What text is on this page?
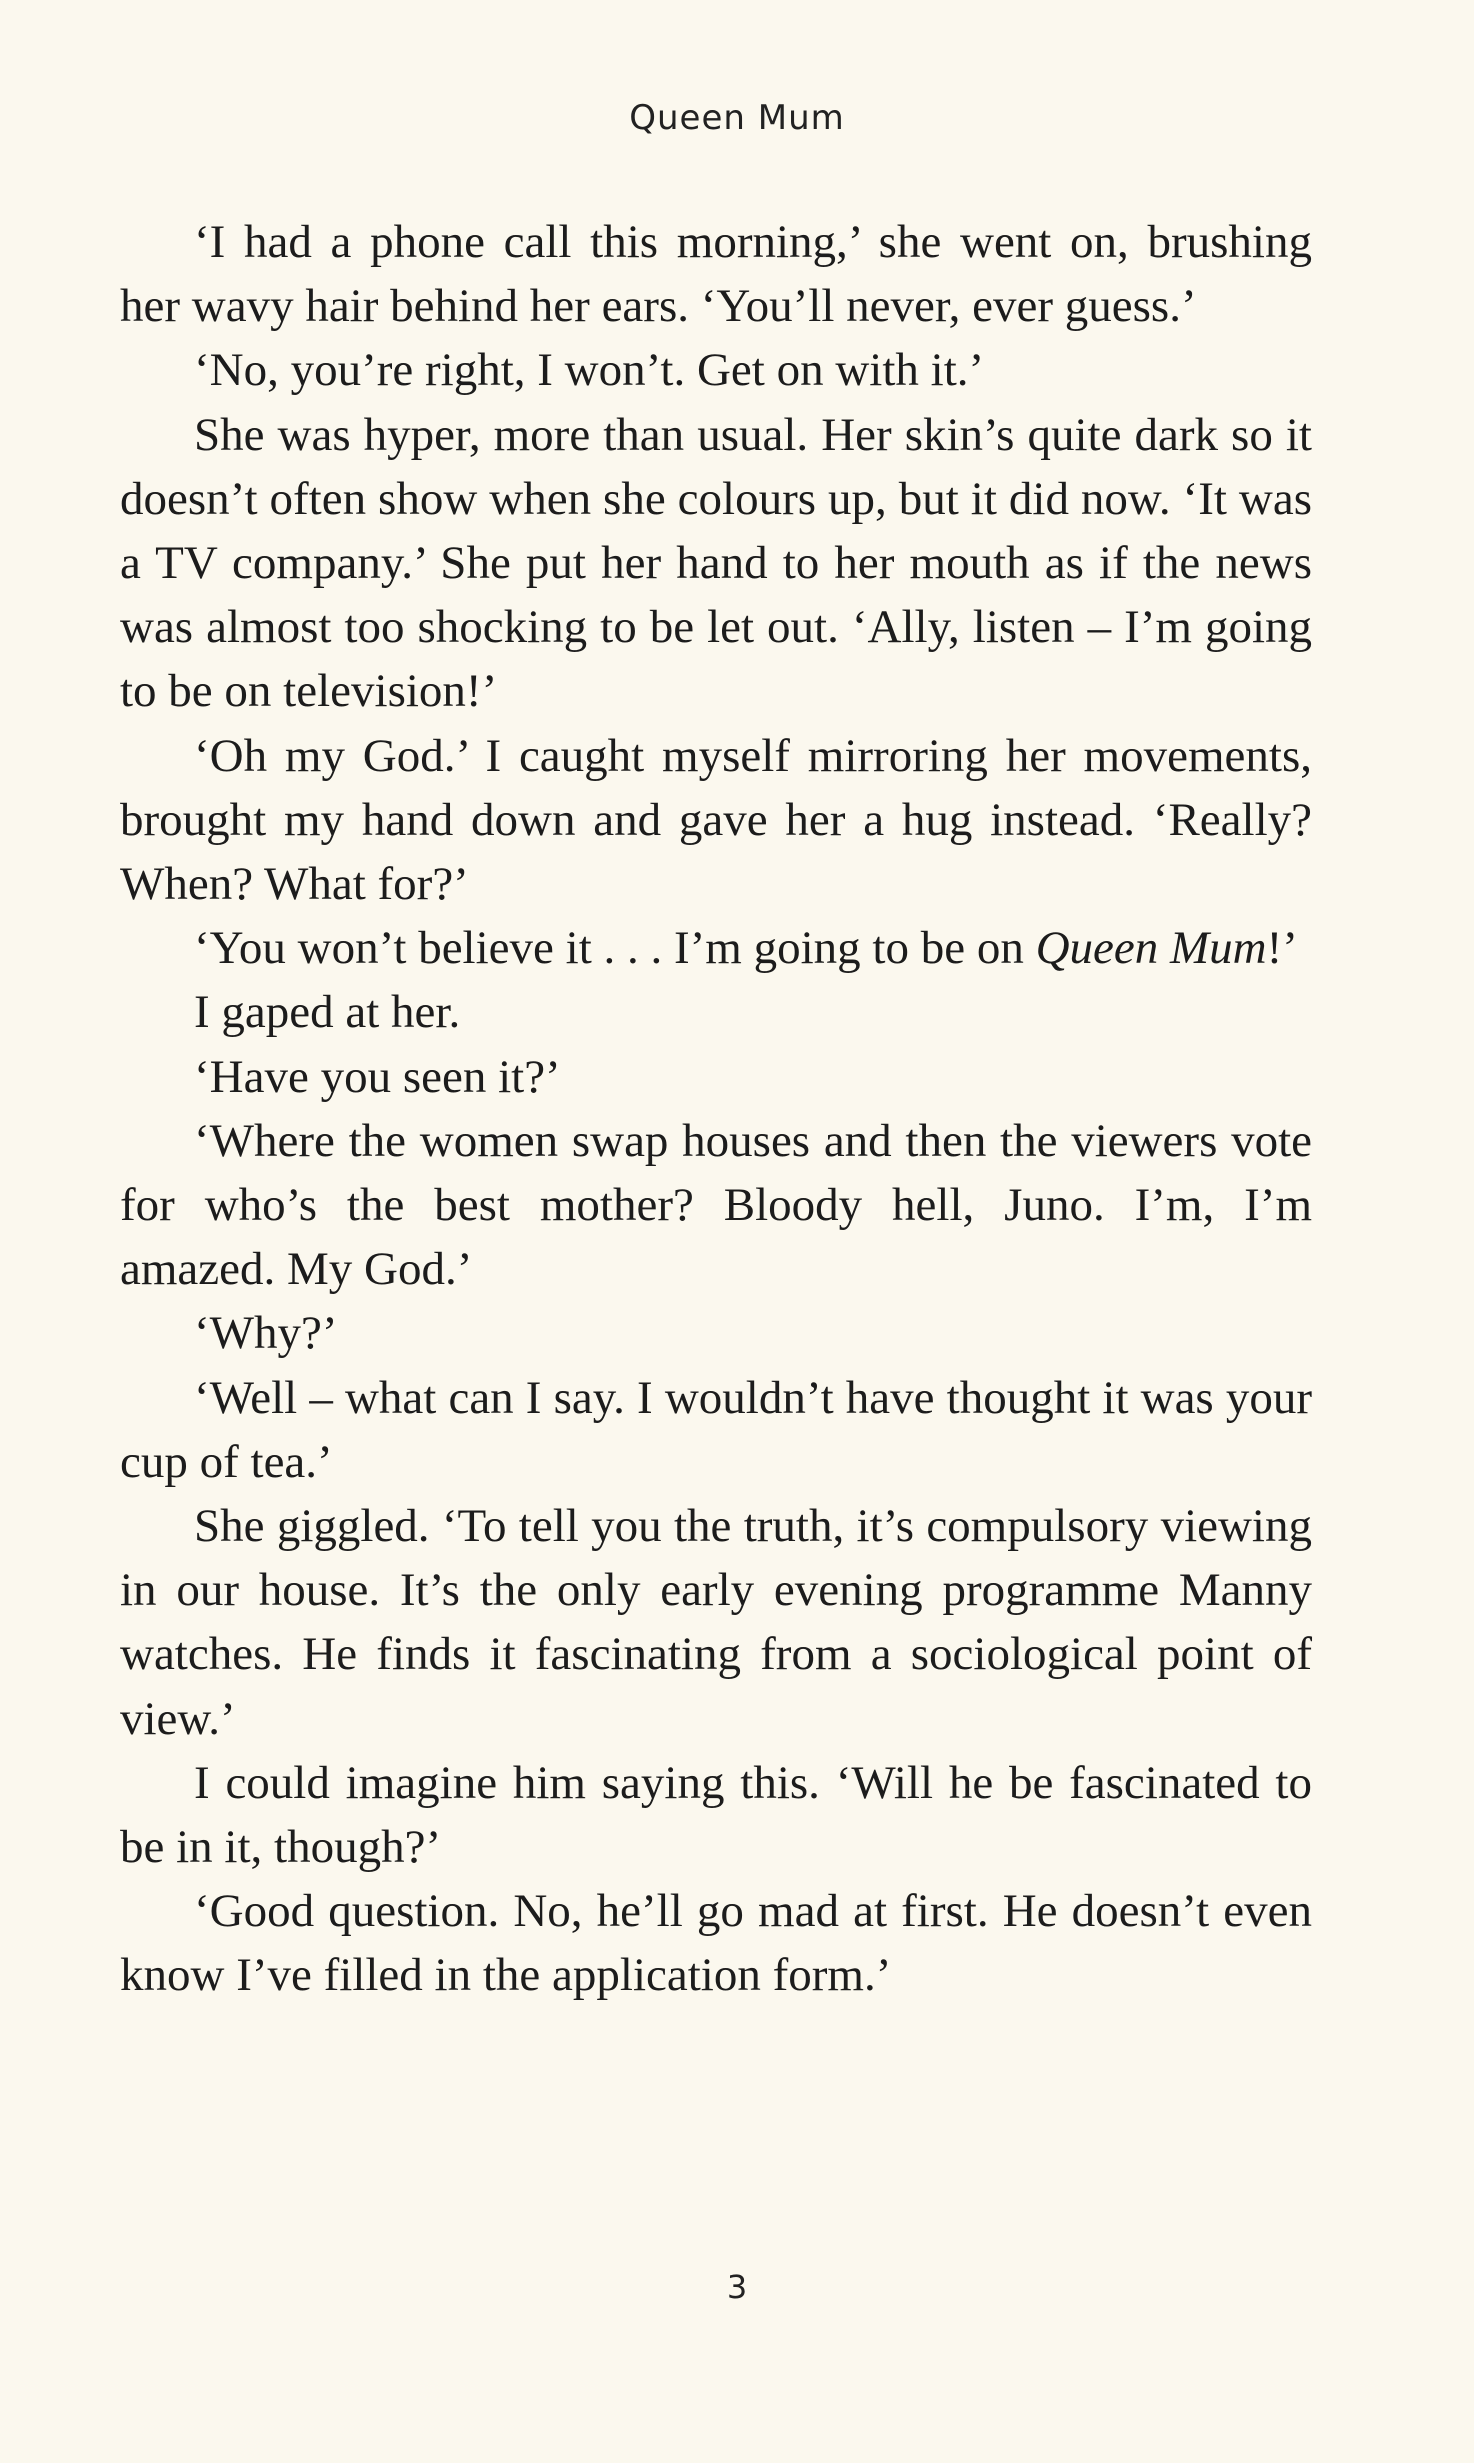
Queen Mum

‘I had a phone call this morning,’ she went on, brushing her wavy hair behind her ears. ‘You’ll never, ever guess.’

‘No, you’re right, I won’t. Get on with it.’

She was hyper, more than usual. Her skin’s quite dark so it doesn’t often show when she colours up, but it did now. ‘It was a TV company.’ She put her hand to her mouth as if the news was almost too shocking to be let out. ‘Ally, listen – I’m going to be on television!’

‘Oh my God.’ I caught myself mirroring her movements, brought my hand down and gave her a hug instead. ‘Really? When? What for?’

‘You won’t believe it . . . I’m going to be on Queen Mum!’

I gaped at her.

‘Have you seen it?’

‘Where the women swap houses and then the viewers vote for who’s the best mother? Bloody hell, Juno. I’m, I’m amazed. My God.’

‘Why?’

‘Well – what can I say. I wouldn’t have thought it was your cup of tea.’

She giggled. ‘To tell you the truth, it’s compulsory viewing in our house. It’s the only early evening programme Manny watches. He finds it fascinating from a sociological point of view.’

I could imagine him saying this. ‘Will he be fascinated to be in it, though?’

‘Good question. No, he’ll go mad at first. He doesn’t even know I’ve filled in the application form.’

3
